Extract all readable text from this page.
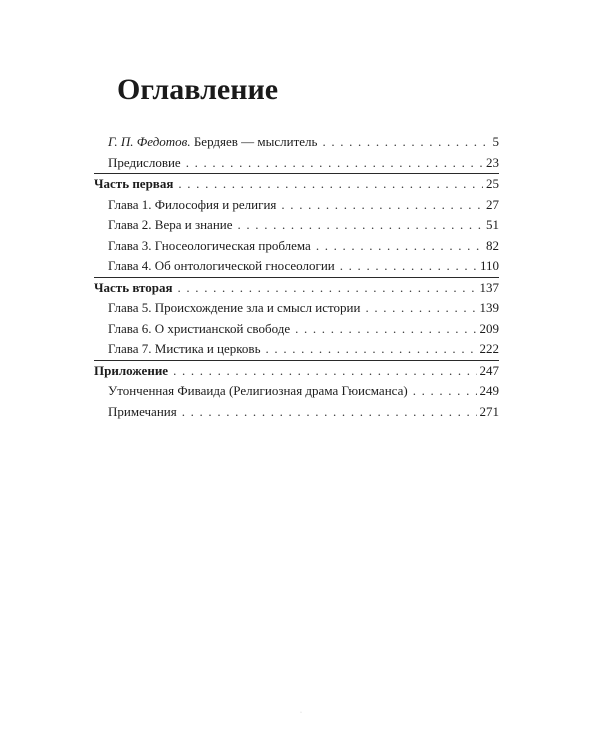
Оглавление
Г. П. Федотов. Бердяев — мыслитель . . .	5
Предисловие . . .	23
Часть первая . . .	25
Глава 1. Философия и религия . . .	27
Глава 2. Вера и знание . . .	51
Глава 3. Гносеологическая проблема . . .	82
Глава 4. Об онтологической гносеологии . . .	110
Часть вторая . . .	137
Глава 5. Происхождение зла и смысл истории . . .	139
Глава 6. О христианской свободе . . .	209
Глава 7. Мистика и церковь . . .	222
Приложение . . .	247
Утонченная Фиваида (Религиозная драма Гюисманса) . . .	249
Примечания . . .	271
·
